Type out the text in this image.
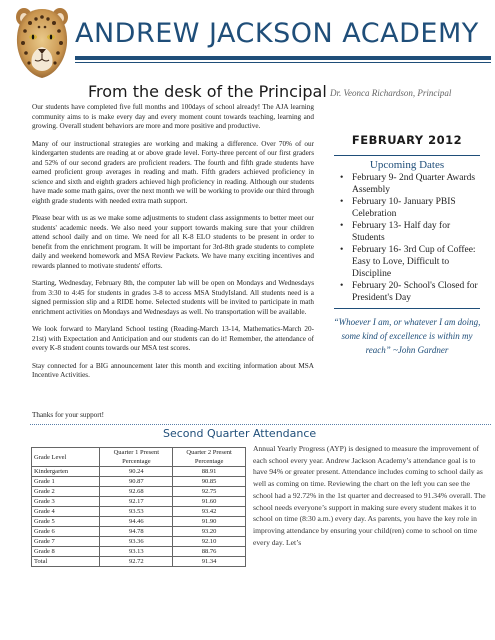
ANDREW JACKSON ACADEMY
From the desk of the Principal Dr. Veonca Richardson, Principal

Our students have completed five full months and 100days of school already! The AJA learning community aims to is make every day and every moment count towards teaching, learning and growing. Overall student behaviors are more and more positive and productive.

Many of our instructional strategies are working and making a difference. Over 70% of our kindergarten students are reading at or above grade level. Forty-three percent of our first graders and 52% of our second graders are proficient readers. The fourth and fifth grade students have earned proficient group averages in reading and math. Fifth graders achieved proficiency in science and sixth and eighth graders achieved high proficiency in reading. Although our students have made some math gains, over the next month we will be working to provide our third through eighth grade students with needed extra math support.

Please bear with us as we make some adjustments to student class assignments to better meet our students' academic needs. We also need your support towards making sure that your children attend school daily and on time. We need for all K-8 ELO students to be present in order to benefit from the enrichment program. It will be important for 3rd-8th grade students to complete daily and weekend homework and MSA Review Packets. We have many exciting incentives and rewards planned to motivate students' efforts.

Starting, Wednesday, February 8th, the computer lab will be open on Mondays and Wednesdays from 3:30 to 4:45 for students in grades 3-8 to access MSA StudyIsland. All students need is a signed permission slip and a RIDE home. Selected students will be invited to participate in math enrichment activities on Mondays and Wednesdays as well. No transportation will be available.

We look forward to Maryland School testing (Reading-March 13-14, Mathematics-March 20-21st) with Expectation and Anticipation and our students can do it! Remember, the attendance of every K-8 student counts towards our MSA test scores.

Stay connected for a BIG announcement later this month and exciting information about MSA Incentive Activities.

Thanks for your support!
FEBRUARY 2012
Upcoming Dates
• February 9- 2nd Quarter Awards Assembly
• February 10- January PBIS Celebration
• February 13- Half day for Students
• February 16- 3rd Cup of Coffee: Easy to Love, Difficult to Discipline
• February 20- School's Closed for President's Day
“Whoever I am, or whatever I am doing, some kind of excellence is within my reach” ~John Gardner
Second Quarter Attendance
Grade Level	Quarter 1 Present Percentage	Quarter 2 Present Percentage
Kindergarten	90.24	88.91
Grade 1	90.87	90.85
Grade 2	92.68	92.75
Grade 3	92.17	91.60
Grade 4	93.53	93.42
Grade 5	94.46	91.90
Grade 6	94.78	93.20
Grade 7	93.36	92.10
Grade 8	93.13	88.76
Total	92.72	91.34
Annual Yearly Progress (AYP) is designed to measure the improvement of each school every year. Andrew Jackson Academy’s attendance goal is to have 94% or greater present. Attendance includes coming to school daily as well as coming on time. Reviewing the chart on the left you can see the school had a 92.72% in the 1st quarter and decreased to 91.34% overall. The school needs everyone’s support in making sure every student makes it to school on time (8:30 a.m.) every day. As parents, you have the key role in improving attendance by ensuring your child(ren) come to school on time every day. Let’s
